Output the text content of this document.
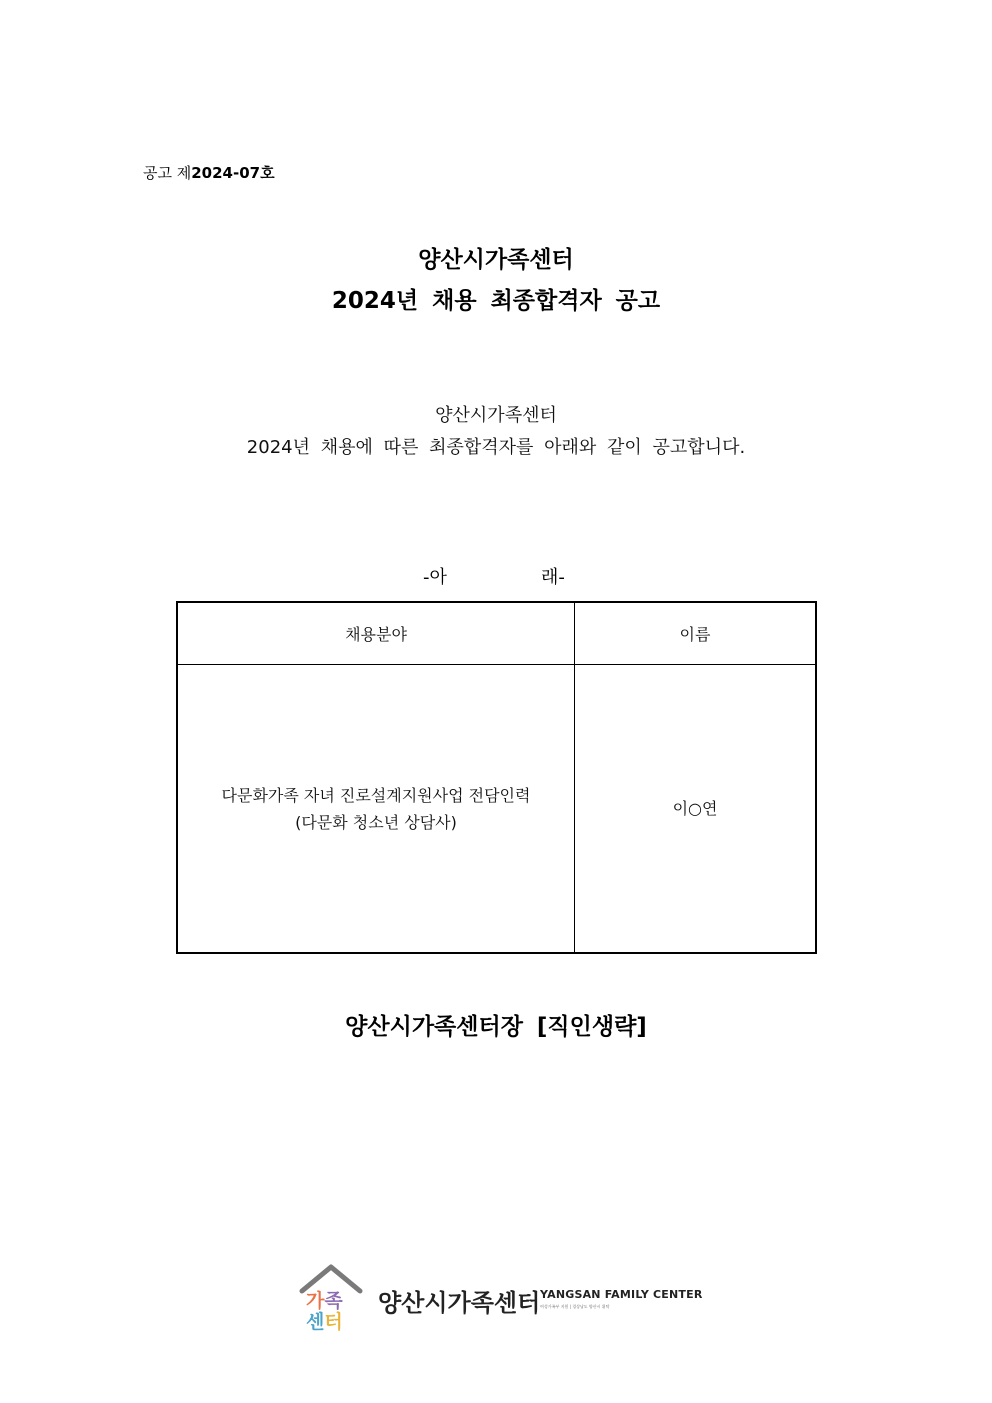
공고 제2024-07호
양산시가족센터
2024년 채용 최종합격자 공고
양산시가족센터
2024년 채용에 따른 최종합격자를 아래와 같이 공고합니다.
-아	래-
채용분야	이름

다문화가족 자녀 진로설계지원사업 전담인력
(다문화 청소년 상담사)	이○연
양산시가족센터장 [직인생략]
가족
센터
양산시가족센터 YANGSAN FAMILY CENTER
여성가족부 지원 | 경상남도 양산시 위탁
